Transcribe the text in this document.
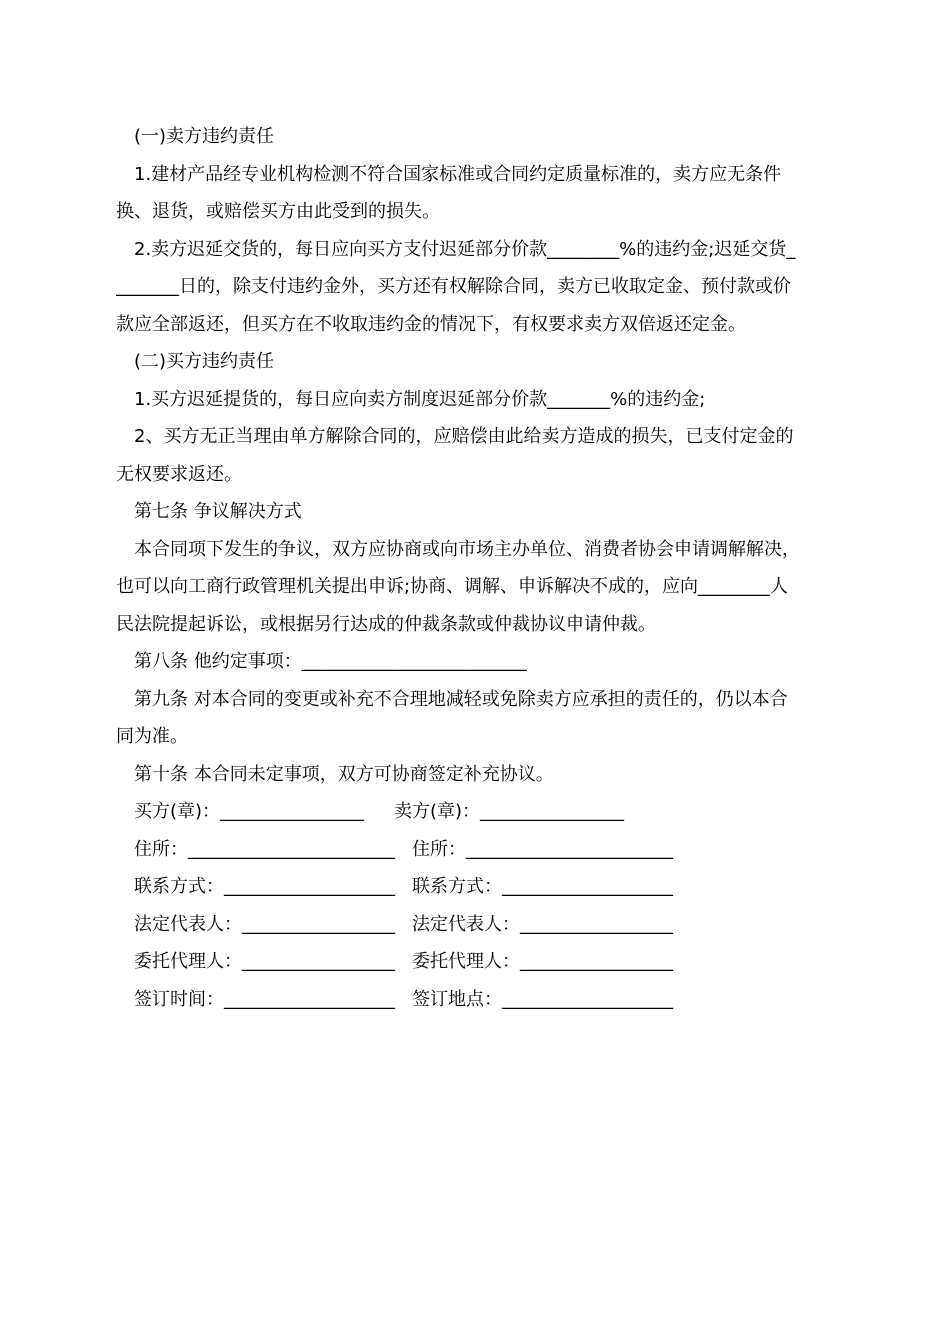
(一)卖方违约责任
1.建材产品经专业机构检测不符合国家标准或合同约定质量标准的，卖方应无条件
换、退货，或赔偿买方由此受到的损失。
2.卖方迟延交货的，每日应向买方支付迟延部分价款________%的违约金;迟延交货_
_______日的，除支付违约金外，买方还有权解除合同，卖方已收取定金、预付款或价
款应全部返还，但买方在不收取违约金的情况下，有权要求卖方双倍返还定金。
(二)买方违约责任
1.买方迟延提货的，每日应向卖方制度迟延部分价款_______%的违约金;
2、买方无正当理由单方解除合同的，应赔偿由此给卖方造成的损失，已支付定金的
无权要求返还。
第七条 争议解决方式
本合同项下发生的争议，双方应协商或向市场主办单位、消费者协会申请调解解决，
也可以向工商行政管理机关提出申诉;协商、调解、申诉解决不成的，应向________人
民法院提起诉讼，或根据另行达成的仲裁条款或仲裁协议申请仲裁。
第八条 他约定事项：_________________________
第九条 对本合同的变更或补充不合理地减轻或免除卖方应承担的责任的，仍以本合
同为准。
第十条 本合同未定事项，双方可协商签定补充协议。
买方(章)：________________ 卖方(章)：________________
住所：_______________________ 住所：_______________________
联系方式：___________________ 联系方式：___________________
法定代表人：_________________ 法定代表人：_________________
委托代理人：_________________ 委托代理人：_________________
签订时间：___________________ 签订地点：___________________
